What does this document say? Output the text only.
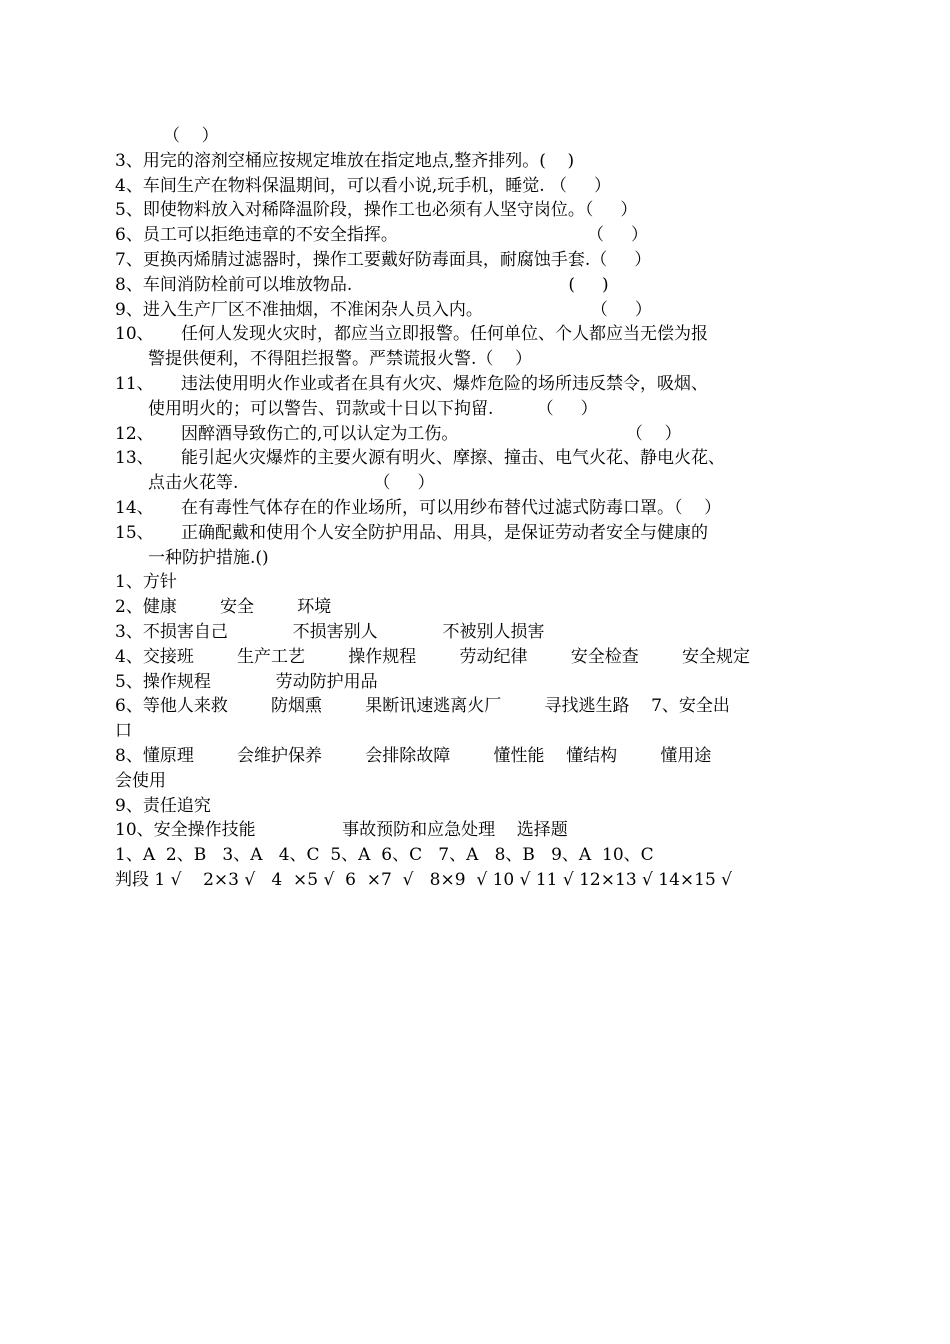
（    ）
3、用完的溶剂空桶应按规定堆放在指定地点,整齐排列。(    )
4、车间生产在物料保温期间，可以看小说,玩手机，睡觉. （     ）
5、即使物料放入对稀降温阶段，操作工也必须有人坚守岗位。（     ）
6、员工可以拒绝违章的不安全指挥。                                   （     ）
7、更换丙烯腈过滤器时，操作工要戴好防毒面具，耐腐蚀手套.（     ）
8、车间消防栓前可以堆放物品.                                        (     )
9、进入生产厂区不准抽烟，不准闲杂人员入内。                    （     ）
10、 任何人发现火灾时，都应当立即报警。任何单位、个人都应当无偿为报
警提供便利，不得阻拦报警。严禁谎报火警.（    ）
11、 违法使用明火作业或者在具有火灾、爆炸危险的场所违反禁令，吸烟、
使用明火的；可以警告、罚款或十日以下拘留.        （     ）
12、 因醉酒导致伤亡的,可以认定为工伤。                               （    ）
13、 能引起火灾爆炸的主要火源有明火、摩擦、撞击、电气火花、静电火花、
点击火花等.                         （     ）
14、 在有毒性气体存在的作业场所，可以用纱布替代过滤式防毒口罩。（    ）
15、 正确配戴和使用个人安全防护用品、用具，是保证劳动者安全与健康的
一种防护措施.()
1、方针
2、健康        安全        环境
3、不损害自己            不损害别人            不被别人损害
4、交接班        生产工艺        操作规程        劳动纪律        安全检查        安全规定
5、操作规程            劳动防护用品
6、等他人来救        防烟熏        果断讯速逃离火厂        寻找逃生路    7、安全出
口
8、懂原理        会维护保养        会排除故障        懂性能    懂结构        懂用途
会使用
9、责任追究
10、安全操作技能                事故预防和应急处理    选择题
1、A  2、B   3、A   4、C  5、A  6、C   7、A   8、B   9、A  10、C
判段 1 √    2×3 √   4  ×5 √  6  ×7  √   8×9  √ 10 √ 11 √ 12×13 √ 14×15 √
